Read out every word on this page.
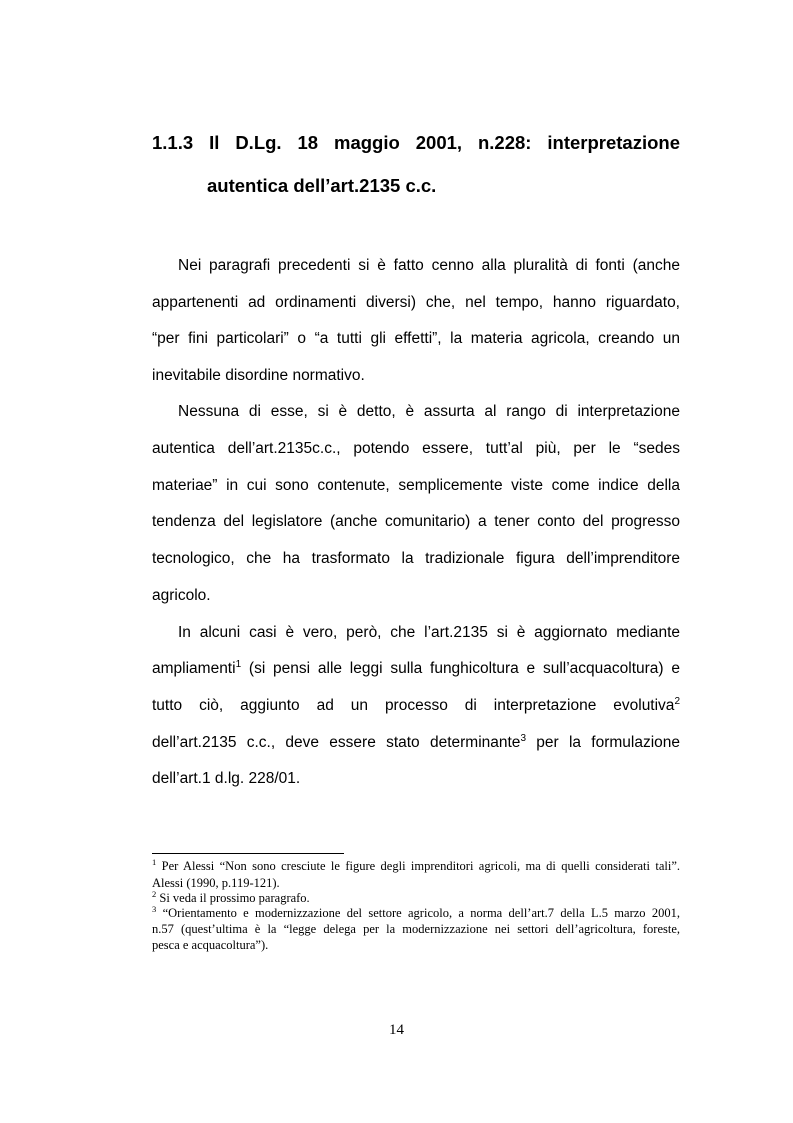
1.1.3 Il D.Lg. 18 maggio 2001, n.228: interpretazione
autentica dell’art.2135 c.c.
Nei paragrafi precedenti si è fatto cenno alla pluralità di fonti (anche
appartenenti ad ordinamenti diversi) che, nel tempo, hanno riguardato,
“per fini particolari” o “a tutti gli effetti”, la materia agricola, creando un
inevitabile disordine normativo.
Nessuna di esse, si è detto, è assurta al rango di interpretazione
autentica dell’art.2135c.c., potendo essere, tutt’al più, per le “sedes
materiae” in cui sono contenute, semplicemente viste come indice della
tendenza del legislatore (anche comunitario) a tener conto del progresso
tecnologico, che ha trasformato la tradizionale figura dell’imprenditore
agricolo.
In alcuni casi è vero, però, che l’art.2135 si è aggiornato mediante
ampliamenti$^1$ (si pensi alle leggi sulla funghicoltura e sull’acquacoltura) e
tutto ciò, aggiunto ad un processo di interpretazione evolutiva$^2$
dell’art.2135 c.c., deve essere stato determinante$^3$ per la formulazione
dell’art.1 d.lg. 228/01.
$^1$ Per Alessi “Non sono cresciute le figure degli imprenditori agricoli, ma di quelli considerati tali”.
Alessi (1990, p.119-121).
$^2$ Si veda il prossimo paragrafo.
$^3$ “Orientamento e modernizzazione del settore agricolo, a norma dell’art.7 della L.5 marzo 2001,
n.57 (quest’ultima è la “legge delega per la modernizzazione nei settori dell’agricoltura, foreste,
pesca e acquacoltura”).
14
